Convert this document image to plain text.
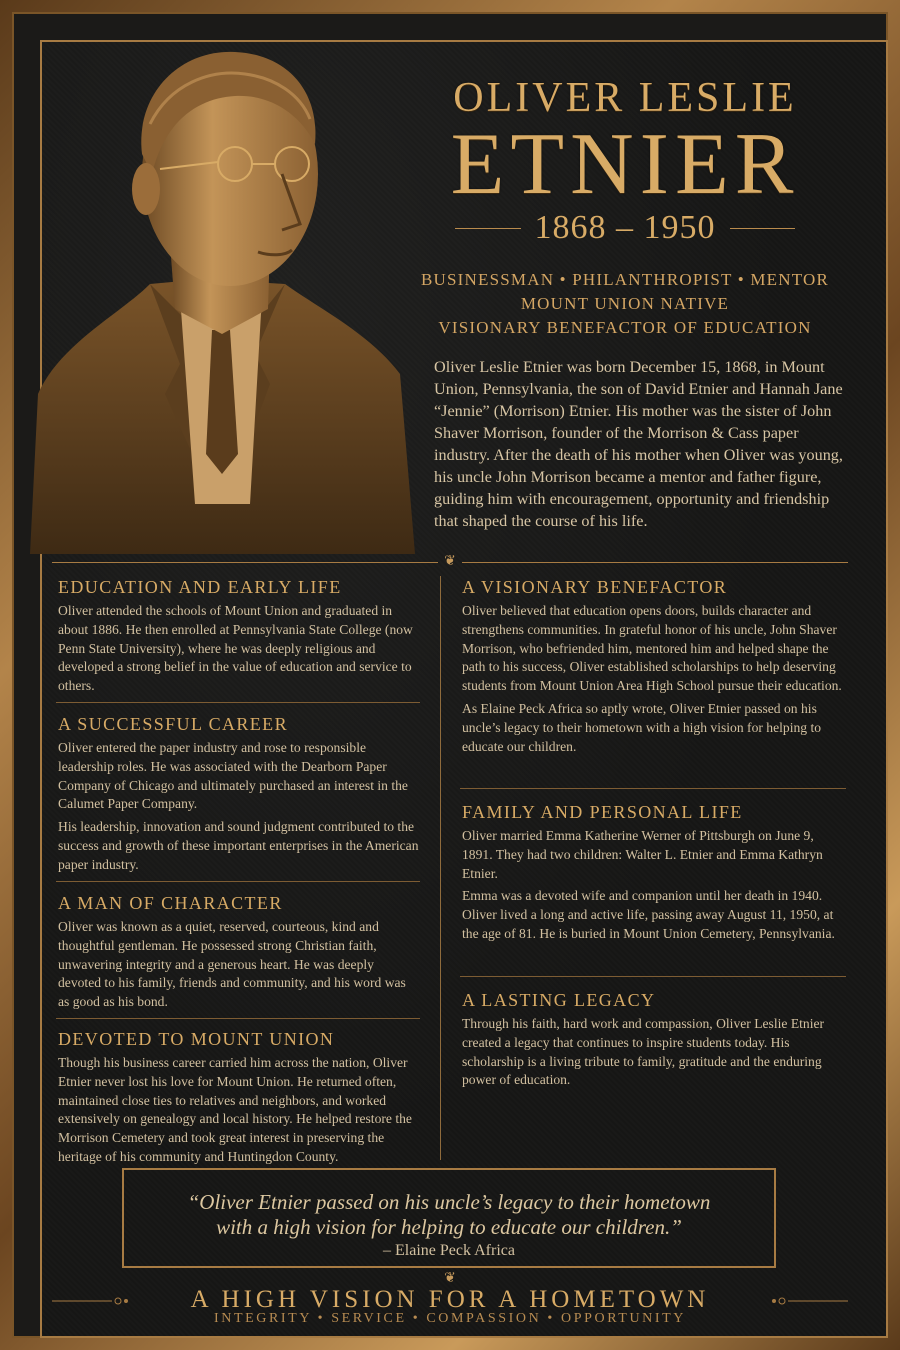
OLIVER LESLIE
ETNIER
1868 – 1950
BUSINESSMAN • PHILANTHROPIST • MENTOR
MOUNT UNION NATIVE
VISIONARY BENEFACTOR OF EDUCATION
Oliver Leslie Etnier was born December 15, 1868, in Mount Union, Pennsylvania, the son of David Etnier and Hannah Jane “Jennie” (Morrison) Etnier. His mother was the sister of John Shaver Morrison, founder of the Morrison & Cass paper industry. After the death of his mother when Oliver was young, his uncle John Morrison became a mentor and father figure, guiding him with encouragement, opportunity and friendship that shaped the course of his life.
❦
EDUCATION AND EARLY LIFE

Oliver attended the schools of Mount Union and graduated in about 1886. He then enrolled at Pennsylvania State College (now Penn State University), where he was deeply religious and developed a strong belief in the value of education and service to others.

A SUCCESSFUL CAREER

Oliver entered the paper industry and rose to responsible leadership roles. He was associated with the Dearborn Paper Company of Chicago and ultimately purchased an interest in the Calumet Paper Company.

His leadership, innovation and sound judgment contributed to the success and growth of these important enterprises in the American paper industry.

A MAN OF CHARACTER

Oliver was known as a quiet, reserved, courteous, kind and thoughtful gentleman. He possessed strong Christian faith, unwavering integrity and a generous heart. He was deeply devoted to his family, friends and community, and his word was as good as his bond.

DEVOTED TO MOUNT UNION

Though his business career carried him across the nation, Oliver Etnier never lost his love for Mount Union. He returned often, maintained close ties to relatives and neighbors, and worked extensively on genealogy and local history. He helped restore the Morrison Cemetery and took great interest in preserving the heritage of his community and Huntingdon County.

A VISIONARY BENEFACTOR

Oliver believed that education opens doors, builds character and strengthens communities. In grateful honor of his uncle, John Shaver Morrison, who befriended him, mentored him and helped shape the path to his success, Oliver established scholarships to help deserving students from Mount Union Area High School pursue their education.

As Elaine Peck Africa so aptly wrote, Oliver Etnier passed on his uncle’s legacy to their hometown with a high vision for helping to educate our children.

FAMILY AND PERSONAL LIFE

Oliver married Emma Katherine Werner of Pittsburgh on June 9, 1891. They had two children: Walter L. Etnier and Emma Kathryn Etnier.

Emma was a devoted wife and companion until her death in 1940. Oliver lived a long and active life, passing away August 11, 1950, at the age of 81. He is buried in Mount Union Cemetery, Pennsylvania.

A LASTING LEGACY

Through his faith, hard work and compassion, Oliver Leslie Etnier created a legacy that continues to inspire students today. His scholarship is a living tribute to family, gratitude and the enduring power of education.

“Oliver Etnier passed on his uncle’s legacy to their hometown
with a high vision for helping to educate our children.”
– Elaine Peck Africa
❦
A HIGH VISION FOR A HOMETOWN
INTEGRITY • SERVICE • COMPASSION • OPPORTUNITY
